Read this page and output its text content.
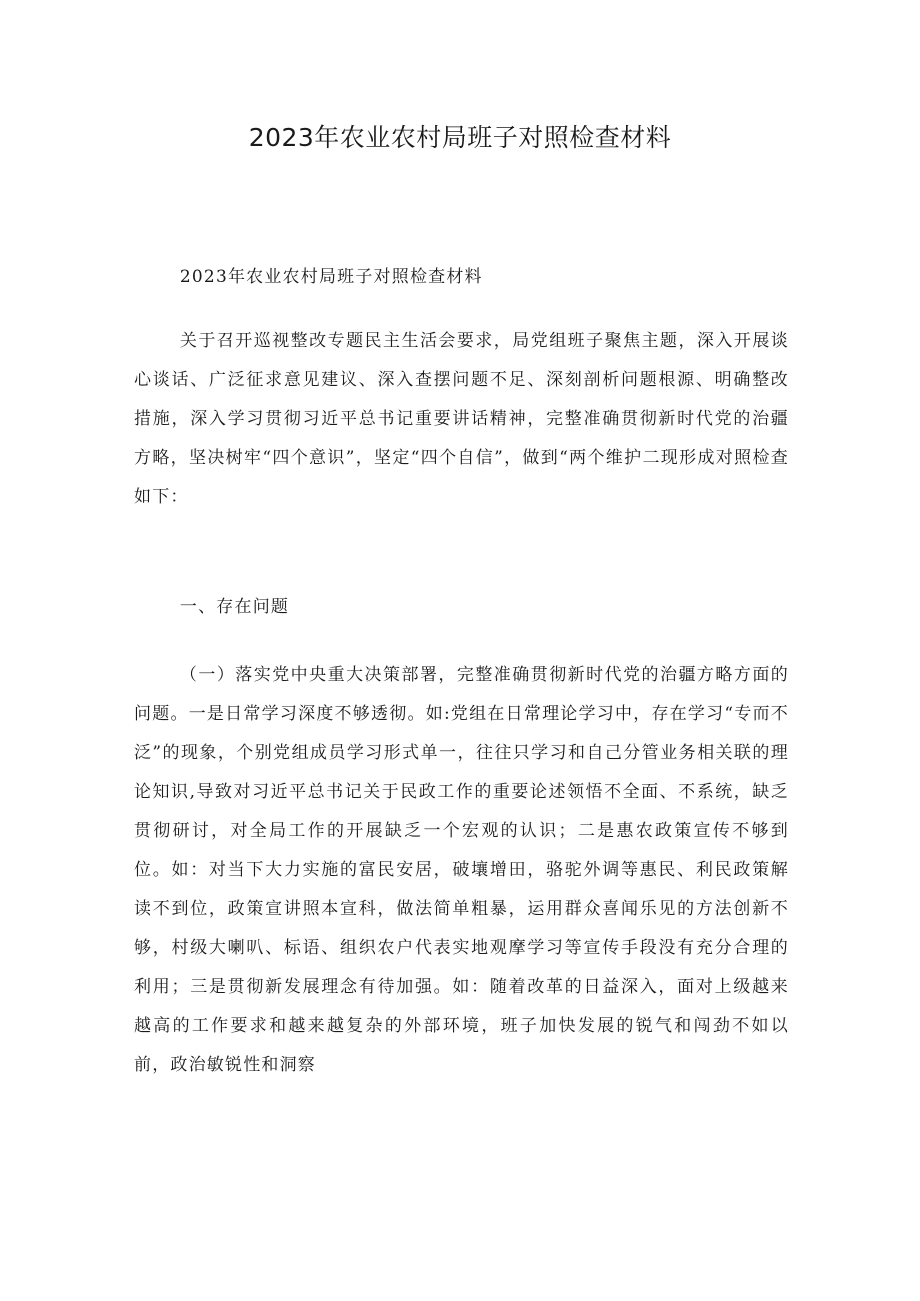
2023年农业农村局班子对照检查材料

2023年农业农村局班子对照检查材料

关于召开巡视整改专题民主生活会要求，局党组班子聚焦主题，深入开展谈心谈话、广泛征求意见建议、深入查摆问题不足、深刻剖析问题根源、明确整改措施，深入学习贯彻习近平总书记重要讲话精神，完整准确贯彻新时代党的治疆方略，坚决树牢“四个意识”，坚定“四个自信”，做到“两个维护二现形成对照检查如下：

一、存在问题

（一）落实党中央重大决策部署，完整准确贯彻新时代党的治疆方略方面的问题。一是日常学习深度不够透彻。如:党组在日常理论学习中，存在学习“专而不泛”的现象，个别党组成员学习形式单一，往往只学习和自己分管业务相关联的理论知识,导致对习近平总书记关于民政工作的重要论述领悟不全面、不系统，缺乏贯彻研讨，对全局工作的开展缺乏一个宏观的认识；二是惠农政策宣传不够到位。如：对当下大力实施的富民安居，破壤增田，骆驼外调等惠民、利民政策解读不到位，政策宣讲照本宣科，做法简单粗暴，运用群众喜闻乐见的方法创新不够，村级大喇叭、标语、组织农户代表实地观摩学习等宣传手段没有充分合理的利用；三是贯彻新发展理念有待加强。如：随着改革的日益深入，面对上级越来越高的工作要求和越来越复杂的外部环境，班子加快发展的锐气和闯劲不如以前，政治敏锐性和洞察
